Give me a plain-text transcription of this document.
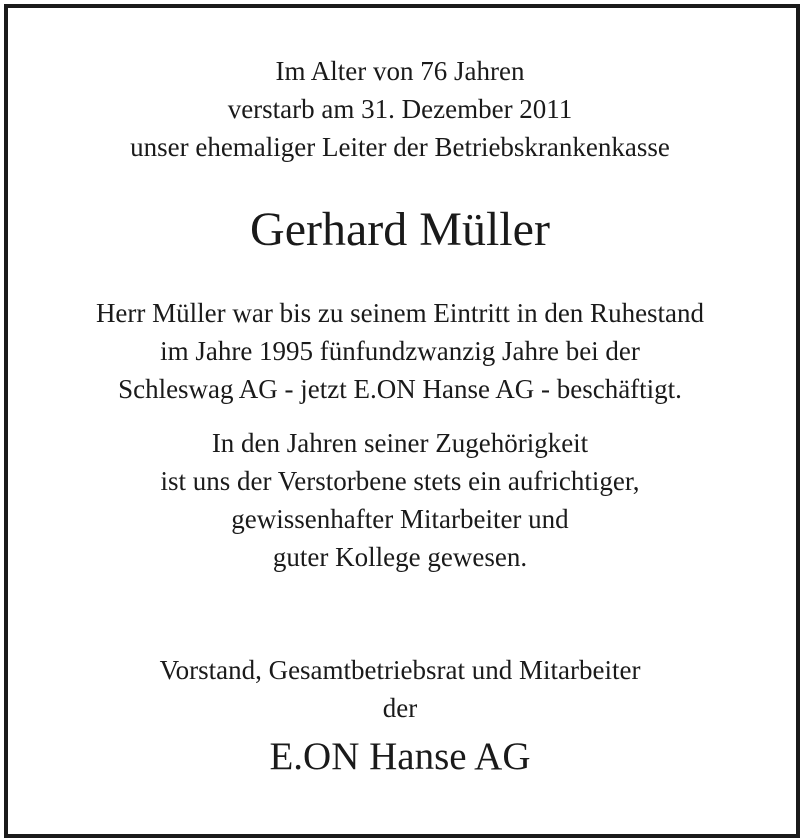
Im Alter von 76 Jahren
verstarb am 31. Dezember 2011
unser ehemaliger Leiter der Betriebskrankenkasse
Gerhard Müller
Herr Müller war bis zu seinem Eintritt in den Ruhestand
im Jahre 1995 fünfundzwanzig Jahre bei der
Schleswag AG - jetzt E.ON Hanse AG - beschäftigt.
In den Jahren seiner Zugehörigkeit
ist uns der Verstorbene stets ein aufrichtiger,
gewissenhafter Mitarbeiter und
guter Kollege gewesen.
Vorstand, Gesamtbetriebsrat und Mitarbeiter
der
E.ON Hanse AG
